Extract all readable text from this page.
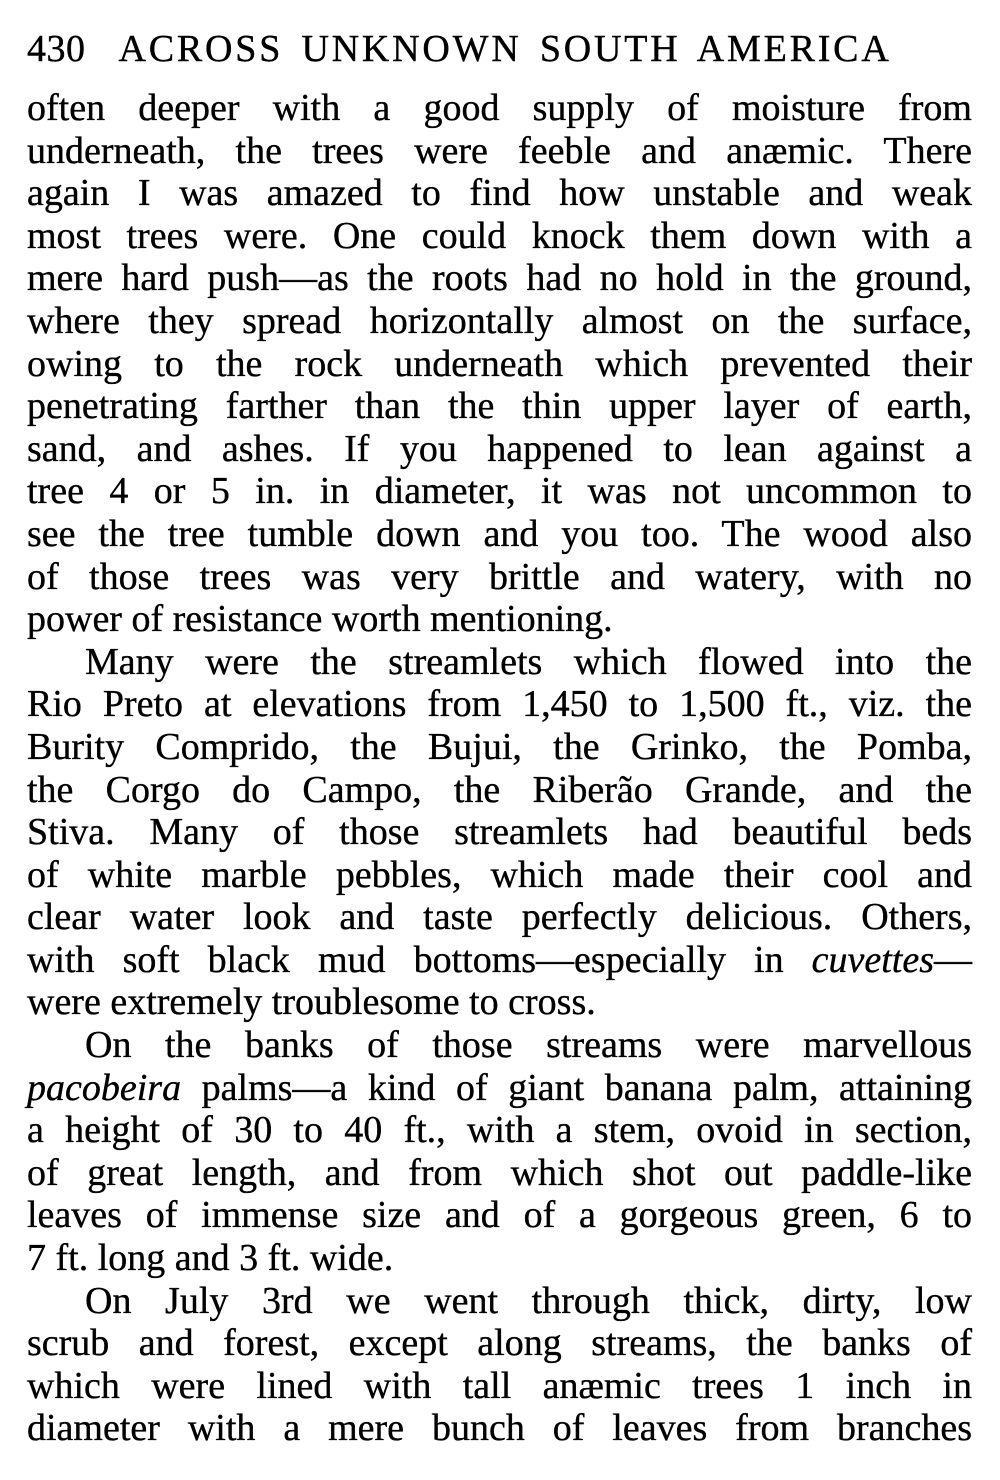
430 ACROSS UNKNOWN SOUTH AMERICA
often deeper with a good supply of moisture from
underneath, the trees were feeble and anæmic. There
again I was amazed to find how unstable and weak
most trees were. One could knock them down with a
mere hard push—as the roots had no hold in the ground,
where they spread horizontally almost on the surface,
owing to the rock underneath which prevented their
penetrating farther than the thin upper layer of earth,
sand, and ashes. If you happened to lean against a
tree 4 or 5 in. in diameter, it was not uncommon to
see the tree tumble down and you too. The wood also
of those trees was very brittle and watery, with no
power of resistance worth mentioning.
Many were the streamlets which flowed into the
Rio Preto at elevations from 1,450 to 1,500 ft., viz. the
Burity Comprido, the Bujui, the Grinko, the Pomba,
the Corgo do Campo, the Riberão Grande, and the
Stiva. Many of those streamlets had beautiful beds
of white marble pebbles, which made their cool and
clear water look and taste perfectly delicious. Others,
with soft black mud bottoms—especially in cuvettes—
were extremely troublesome to cross.
On the banks of those streams were marvellous
pacobeira palms—a kind of giant banana palm, attaining
a height of 30 to 40 ft., with a stem, ovoid in section,
of great length, and from which shot out paddle-like
leaves of immense size and of a gorgeous green, 6 to
7 ft. long and 3 ft. wide.
On July 3rd we went through thick, dirty, low
scrub and forest, except along streams, the banks of
which were lined with tall anæmic trees 1 inch in
diameter with a mere bunch of leaves from branches
